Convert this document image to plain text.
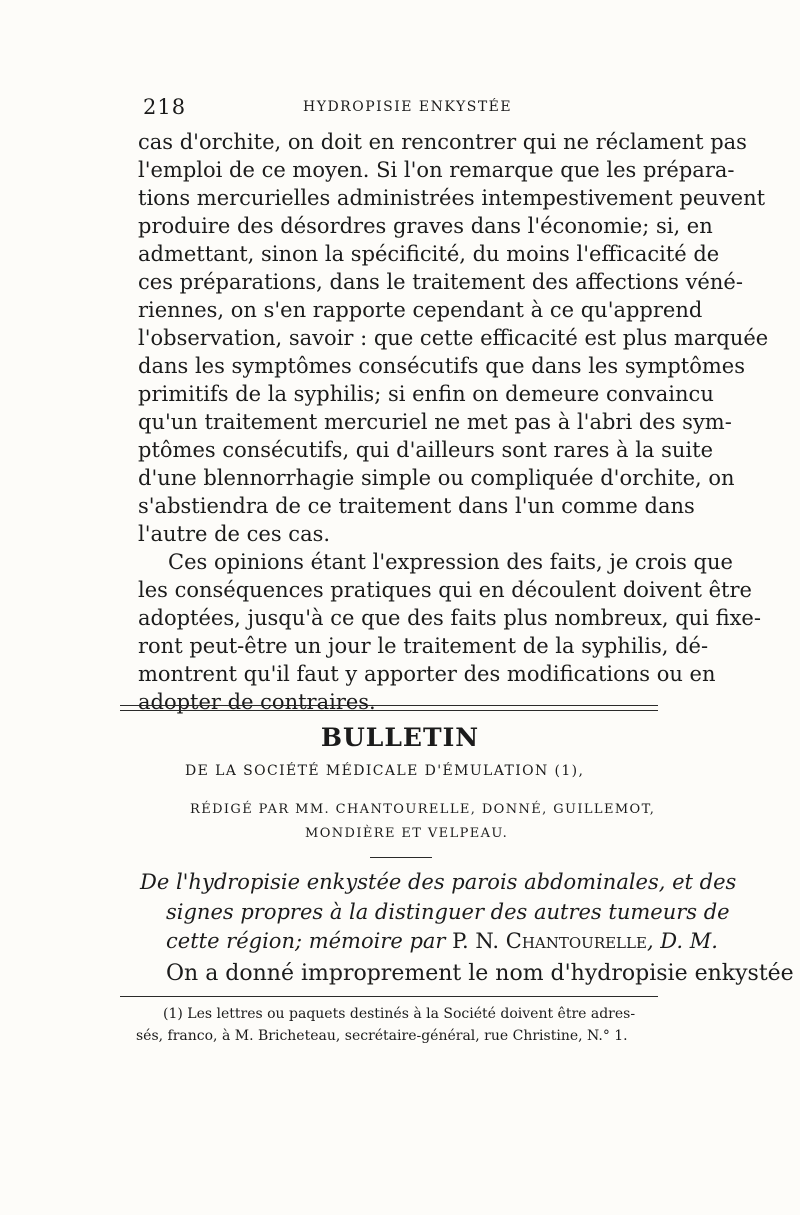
218	HYDROPISIE ENKYSTÉE
cas d'orchite, on doit en rencontrer qui ne réclament pas
l'emploi de ce moyen. Si l'on remarque que les prépara-
tions mercurielles administrées intempestivement peuvent
produire des désordres graves dans l'économie; si, en
admettant, sinon la spécificité, du moins l'efficacité de
ces préparations, dans le traitement des affections véné-
riennes, on s'en rapporte cependant à ce qu'apprend
l'observation, savoir : que cette efficacité est plus marquée
dans les symptômes consécutifs que dans les symptômes
primitifs de la syphilis; si enfin on demeure convaincu
qu'un traitement mercuriel ne met pas à l'abri des sym-
ptômes consécutifs, qui d'ailleurs sont rares à la suite
d'une blennorrhagie simple ou compliquée d'orchite, on
s'abstiendra de ce traitement dans l'un comme dans
l'autre de ces cas.
Ces opinions étant l'expression des faits, je crois que
les conséquences pratiques qui en découlent doivent être
adoptées, jusqu'à ce que des faits plus nombreux, qui fixe-
ront peut-être un jour le traitement de la syphilis, dé-
montrent qu'il faut y apporter des modifications ou en
adopter de contraires.
BULLETIN
DE LA SOCIÉTÉ MÉDICALE D'ÉMULATION (1),
RÉDIGÉ PAR MM. CHANTOURELLE, DONNÉ, GUILLEMOT,
MONDIÈRE ET VELPEAU.
De l'hydropisie enkystée des parois abdominales, et des
signes propres à la distinguer des autres tumeurs de
cette région; mémoire par P. N. Chantourelle, D. M.
On a donné improprement le nom d'hydropisie enkystée
(1) Les lettres ou paquets destinés à la Société doivent être adres-
sés, franco, à M. Bricheteau, secrétaire-général, rue Christine, N.° 1.
